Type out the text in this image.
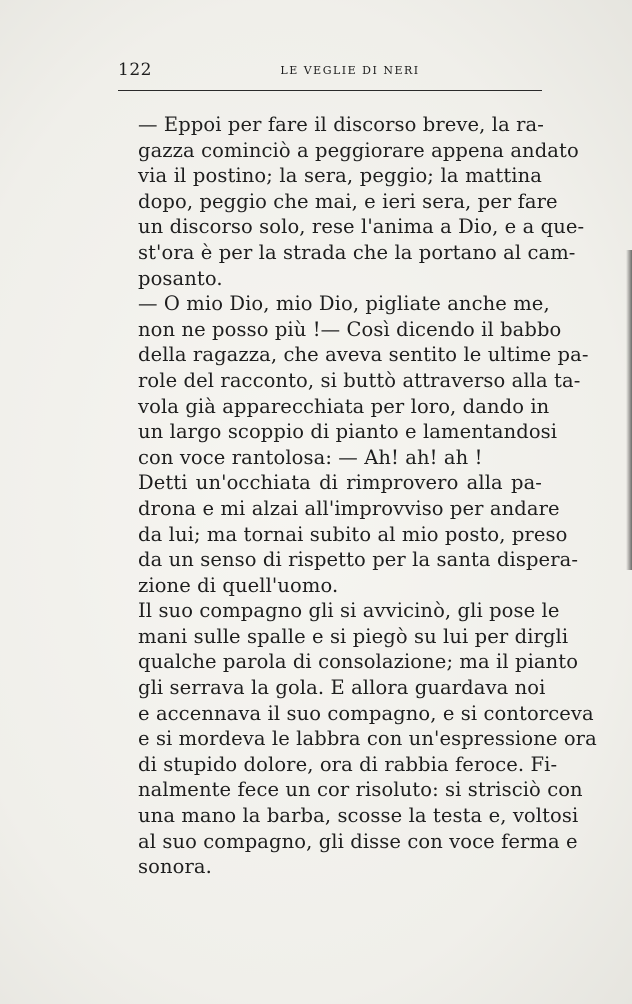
122	LE VEGLIE DI NERI

— Eppoi per fare il discorso breve, la ra-
gazza cominciò a peggiorare appena andato
via il postino; la sera, peggio; la mattina
dopo, peggio che mai, e ieri sera, per fare
un discorso solo, rese l'anima a Dio, e a que-
st'ora è per la strada che la portano al cam-
posanto.

— O mio Dio, mio Dio, pigliate anche me,
non ne posso più !— Così dicendo il babbo
della ragazza, che aveva sentito le ultime pa-
role del racconto, si buttò attraverso alla ta-
vola già apparecchiata per loro, dando in
un largo scoppio di pianto e lamentandosi
con voce rantolosa: — Ah! ah! ah !

Detti un'occhiata di rimprovero alla pa-
drona e mi alzai all'improvviso per andare
da lui; ma tornai subito al mio posto, preso
da un senso di rispetto per la santa dispera-
zione di quell'uomo.

Il suo compagno gli si avvicinò, gli pose le
mani sulle spalle e si piegò su lui per dirgli
qualche parola di consolazione; ma il pianto
gli serrava la gola. E allora guardava noi
e accennava il suo compagno, e si contorceva
e si mordeva le labbra con un'espressione ora
di stupido dolore, ora di rabbia feroce. Fi-
nalmente fece un cor risoluto: si strisciò con
una mano la barba, scosse la testa e, voltosi
al suo compagno, gli disse con voce ferma e
sonora.
